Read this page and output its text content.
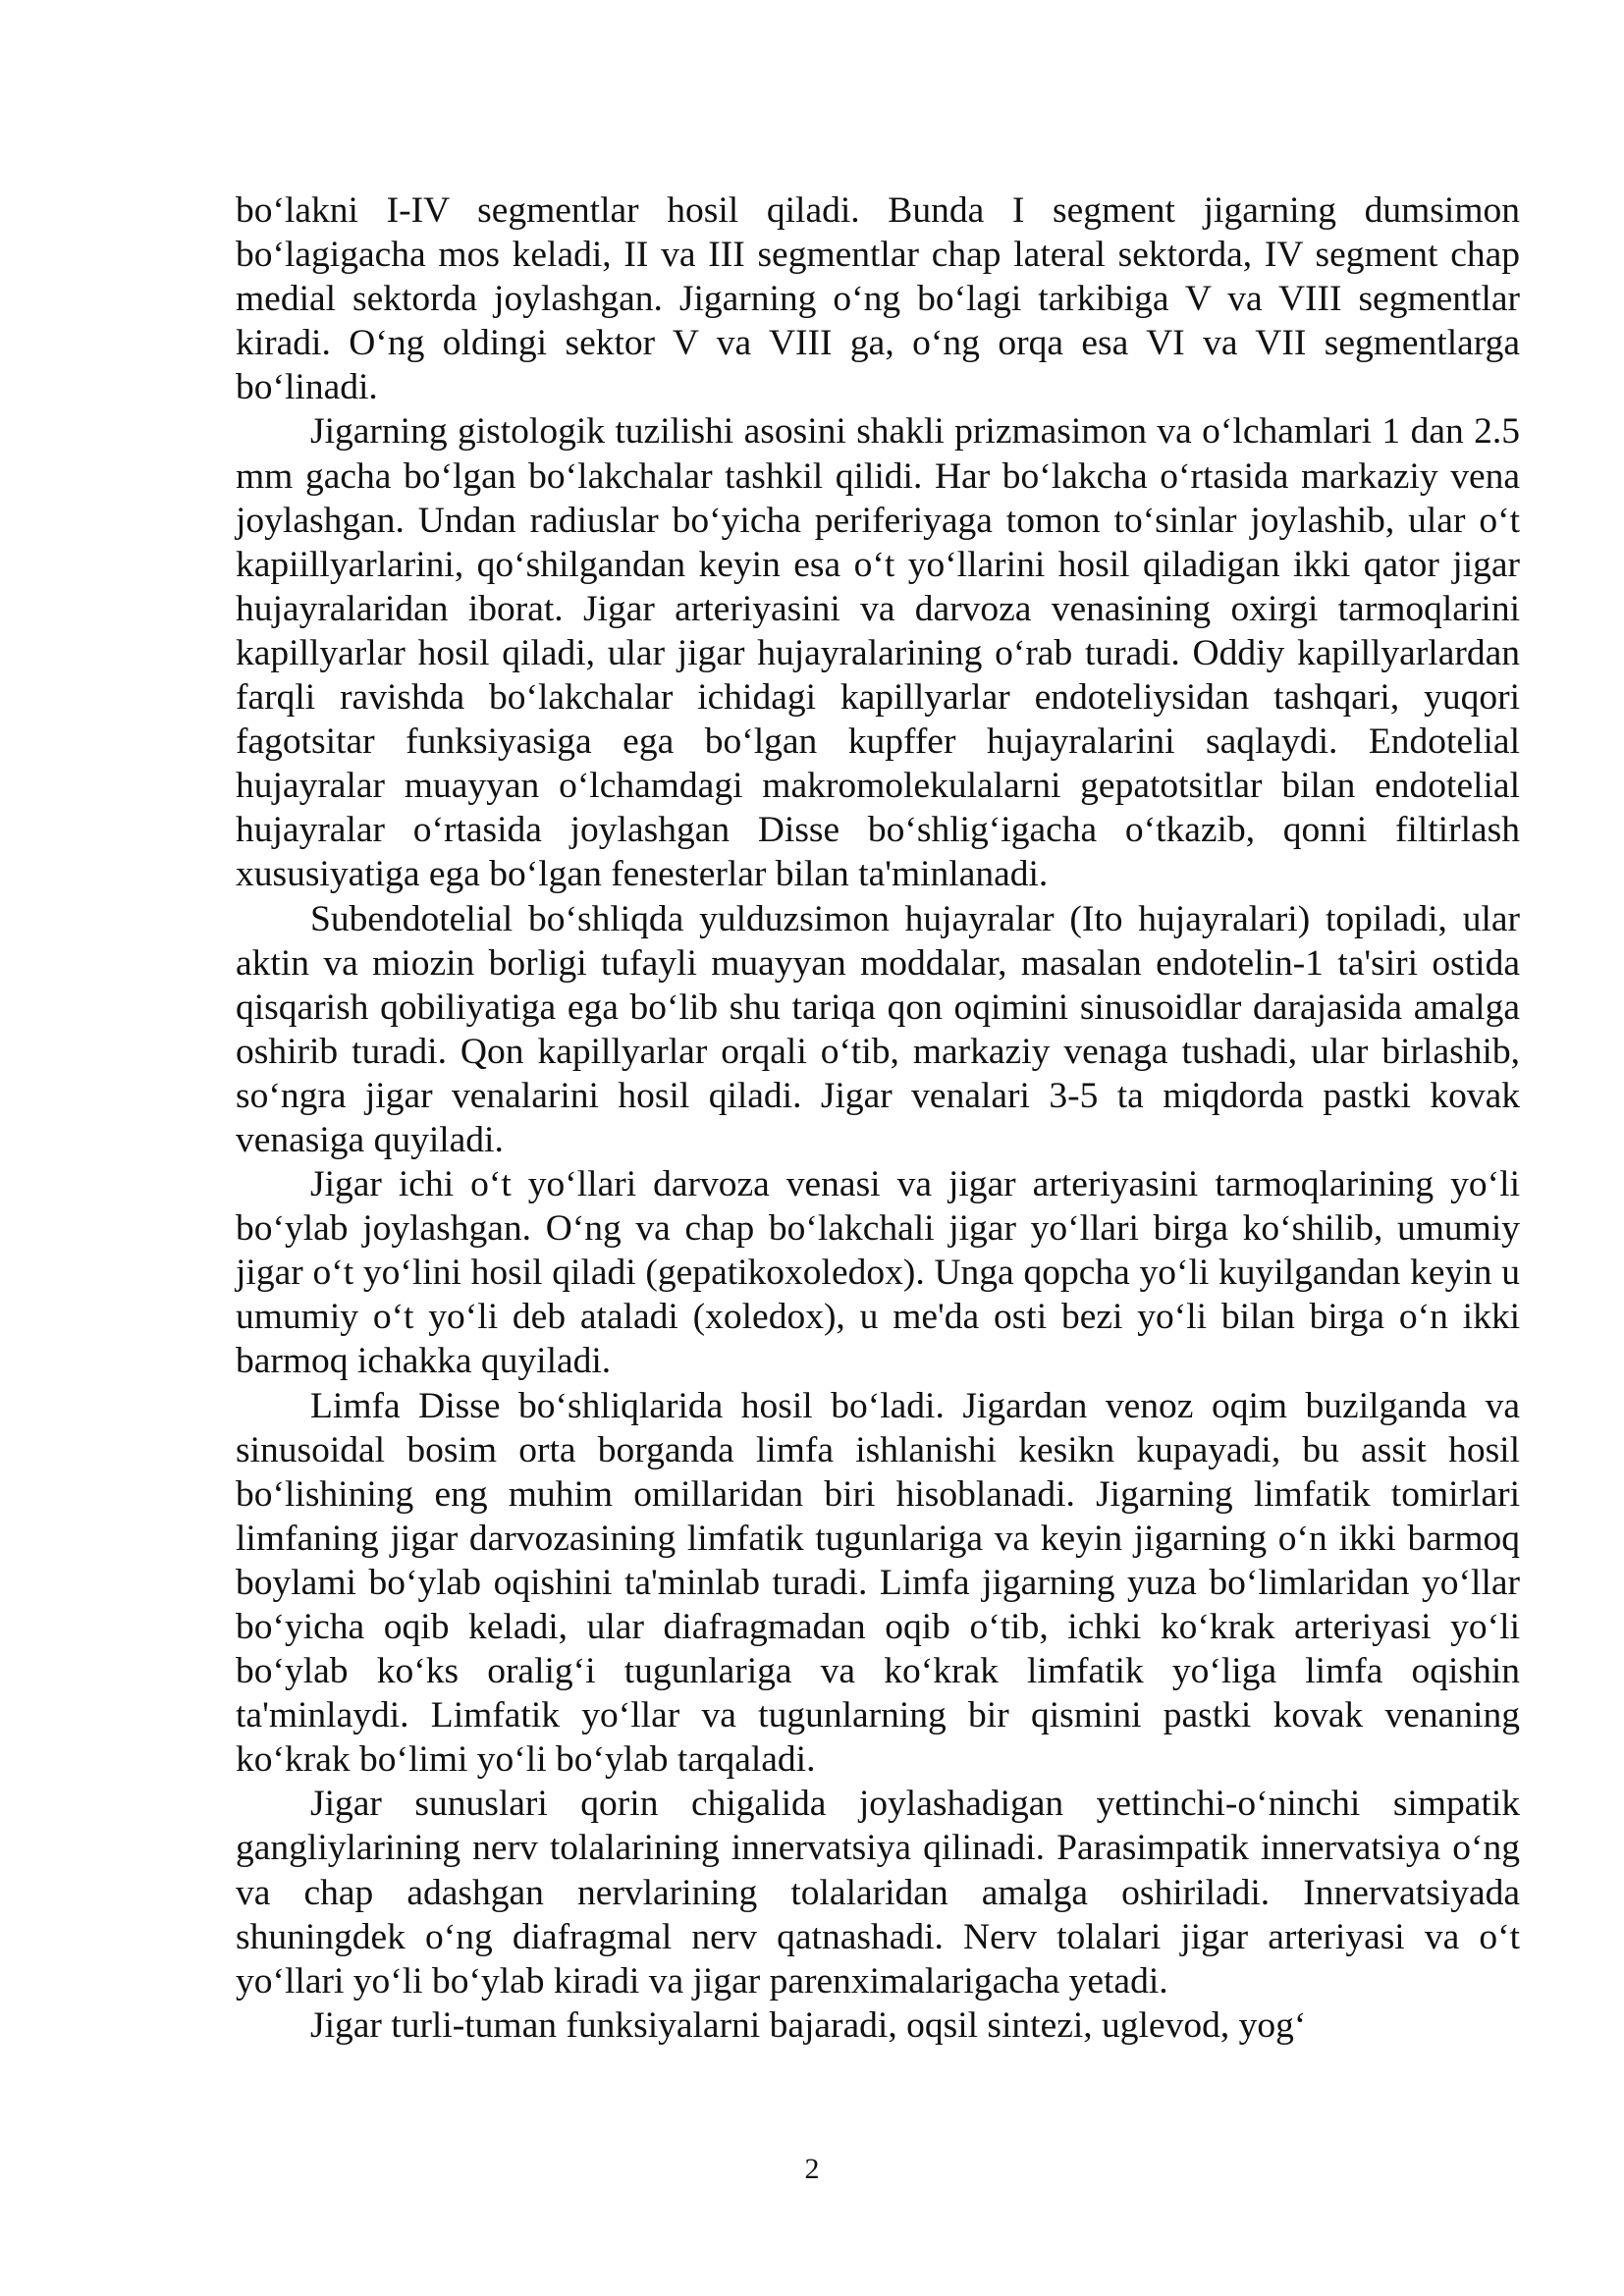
bo‘lakni I-IV segmentlar hosil qiladi. Bunda I segment jigarning dumsimon bo‘lagigacha mos keladi, II va III segmentlar chap lateral sektorda, IV segment chap medial sektorda joylashgan. Jigarning o‘ng bo‘lagi tarkibiga V va VIII segmentlar kiradi. O‘ng oldingi sektor V va VIII ga, o‘ng orqa esa VI va VII segmentlarga bo‘linadi.

Jigarning gistologik tuzilishi asosini shakli prizmasimon va o‘lchamlari 1 dan 2.5 mm gacha bo‘lgan bo‘lakchalar tashkil qilidi. Har bo‘lakcha o‘rtasida markaziy vena joylashgan. Undan radiuslar bo‘yicha periferiyaga tomon to‘sinlar joylashib, ular o‘t kapiillyarlarini, qo‘shilgandan keyin esa o‘t yo‘llarini hosil qiladigan ikki qator jigar hujayralaridan iborat. Jigar arteriyasini va darvoza venasining oxirgi tarmoqlarini kapillyarlar hosil qiladi, ular jigar hujayralarining o‘rab turadi. Oddiy kapillyarlardan farqli ravishda bo‘lakchalar ichidagi kapillyarlar endoteliysidan tashqari, yuqori fagotsitar funksiyasiga ega bo‘lgan kupffer hujayralarini saqlaydi. Endotelial hujayralar muayyan o‘lchamdagi makromolekulalarni gepatotsitlar bilan endotelial hujayralar o‘rtasida joylashgan Disse bo‘shlig‘igacha o‘tkazib, qonni filtirlash xususiyatiga ega bo‘lgan fenesterlar bilan ta'minlanadi.

Subendotelial bo‘shliqda yulduzsimon hujayralar (Ito hujayralari) topiladi, ular aktin va miozin borligi tufayli muayyan moddalar, masalan endotelin-1 ta'siri ostida qisqarish qobiliyatiga ega bo‘lib shu tariqa qon oqimini sinusoidlar darajasida amalga oshirib turadi. Qon kapillyarlar orqali o‘tib, markaziy venaga tushadi, ular birlashib, so‘ngra jigar venalarini hosil qiladi. Jigar venalari 3-5 ta miqdorda pastki kovak venasiga quyiladi.

Jigar ichi o‘t yo‘llari darvoza venasi va jigar arteriyasini tarmoqlarining yo‘li bo‘ylab joylashgan. O‘ng va chap bo‘lakchali jigar yo‘llari birga ko‘shilib, umumiy jigar o‘t yo‘lini hosil qiladi (gepatikoxoledox). Unga qopcha yo‘li kuyilgandan keyin u umumiy o‘t yo‘li deb ataladi (xoledox), u me'da osti bezi yo‘li bilan birga o‘n ikki barmoq ichakka quyiladi.

Limfa Disse bo‘shliqlarida hosil bo‘ladi. Jigardan venoz oqim buzilganda va sinusoidal bosim orta borganda limfa ishlanishi kesikn kupayadi, bu assit hosil bo‘lishining eng muhim omillaridan biri hisoblanadi. Jigarning limfatik tomirlari limfaning jigar darvozasining limfatik tugunlariga va keyin jigarning o‘n ikki barmoq boylami bo‘ylab oqishini ta'minlab turadi. Limfa jigarning yuza bo‘limlaridan yo‘llar bo‘yicha oqib keladi, ular diafragmadan oqib o‘tib, ichki ko‘krak arteriyasi yo‘li bo‘ylab ko‘ks oralig‘i tugunlariga va ko‘krak limfatik yo‘liga limfa oqishin ta'minlaydi. Limfatik yo‘llar va tugunlarning bir qismini pastki kovak venaning ko‘krak bo‘limi yo‘li bo‘ylab tarqaladi.

Jigar sunuslari qorin chigalida joylashadigan yettinchi-o‘ninchi simpatik gangliylarining nerv tolalarining innervatsiya qilinadi. Parasimpatik innervatsiya o‘ng va chap adashgan nervlarining tolalaridan amalga oshiriladi. Innervatsiyada shuningdek o‘ng diafragmal nerv qatnashadi. Nerv tolalari jigar arteriyasi va o‘t yo‘llari yo‘li bo‘ylab kiradi va jigar parenximalarigacha yetadi.

Jigar turli-tuman funksiyalarni bajaradi, oqsil sintezi, uglevod, yog‘

2
